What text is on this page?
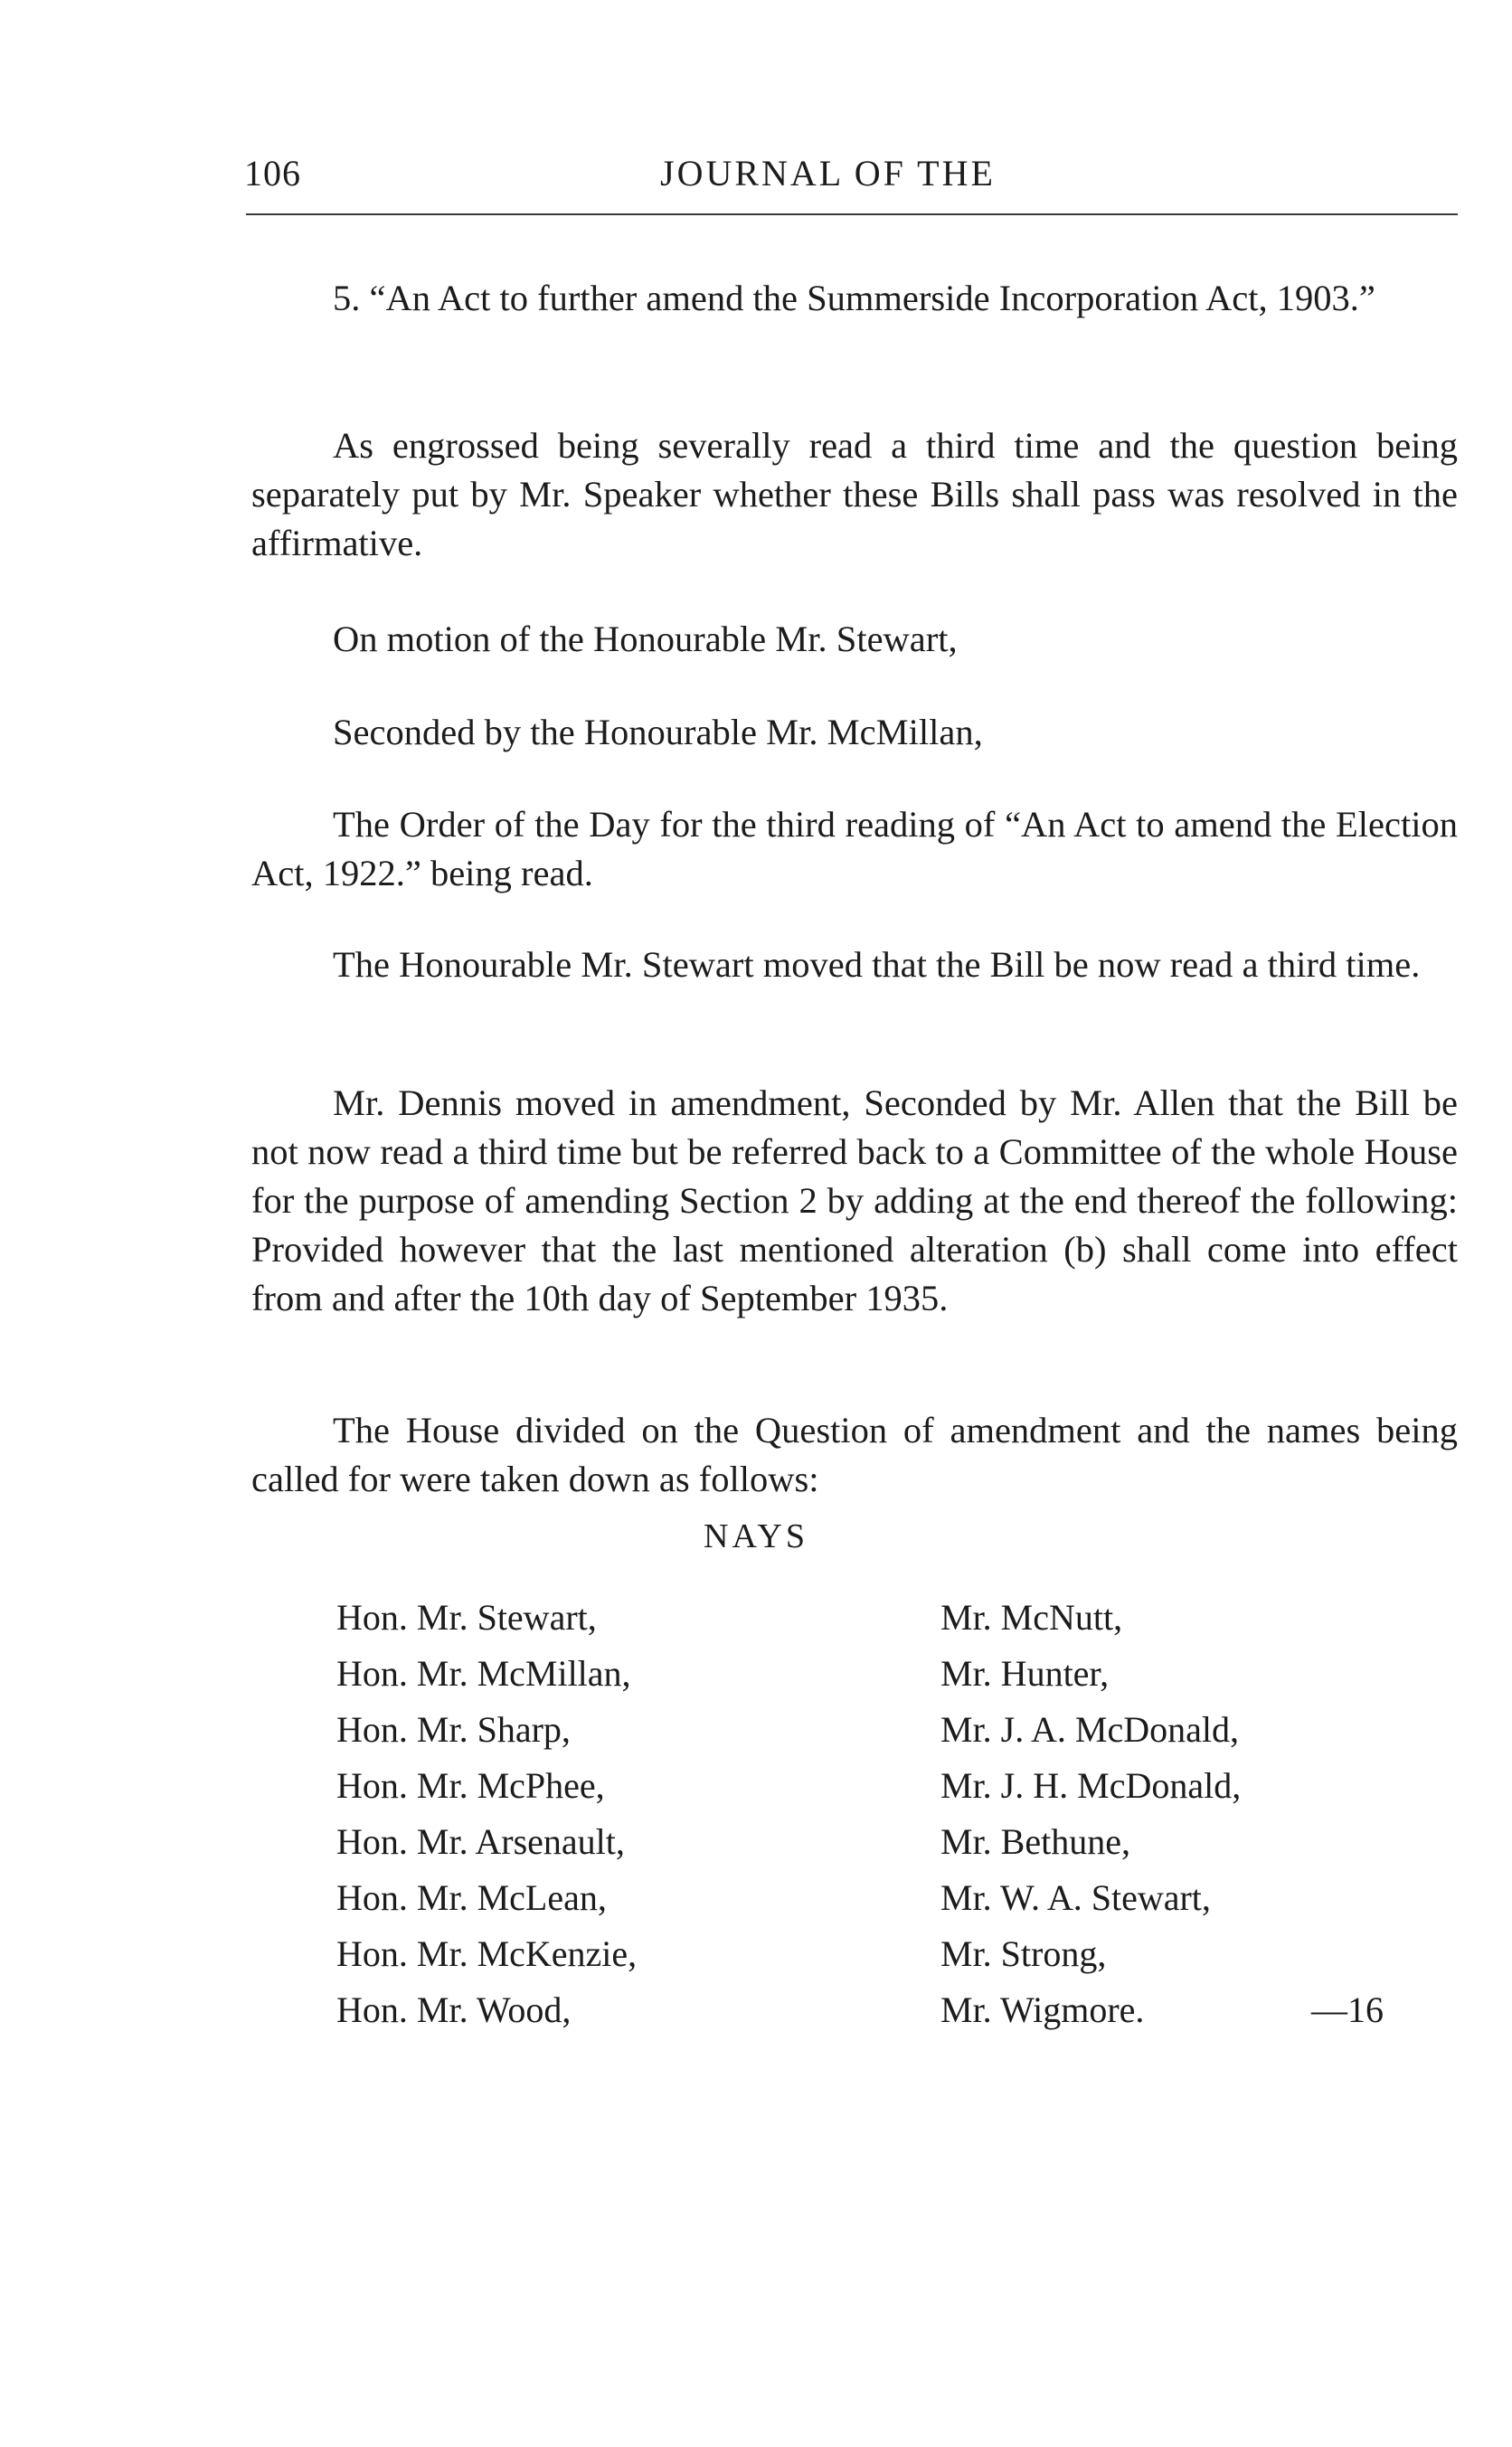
106	JOURNAL OF THE

5. “An Act to further amend the Summerside Incorporation Act, 1903.”

As engrossed being severally read a third time and the question being separately put by Mr. Speaker whether these Bills shall pass was resolved in the affirmative.

On motion of the Honourable Mr. Stewart,

Seconded by the Honourable Mr. McMillan,

The Order of the Day for the third reading of “An Act to amend the Election Act, 1922.” being read.

The Honourable Mr. Stewart moved that the Bill be now read a third time.

Mr. Dennis moved in amendment, Seconded by Mr. Allen that the Bill be not now read a third time but be referred back to a Committee of the whole House for the purpose of amending Section 2 by adding at the end thereof the following: Provided however that the last mentioned alteration (b) shall come into effect from and after the 10th day of September 1935.

The House divided on the Question of amendment and the names being called for were taken down as follows:

NAYS
Hon. Mr. Stewart,
Hon. Mr. McMillan,
Hon. Mr. Sharp,
Hon. Mr. McPhee,
Hon. Mr. Arsenault,
Hon. Mr. McLean,
Hon. Mr. McKenzie,
Hon. Mr. Wood,
Mr. McNutt,
Mr. Hunter,
Mr. J. A. McDonald,
Mr. J. H. McDonald,
Mr. Bethune,
Mr. W. A. Stewart,
Mr. Strong,
Mr. Wigmore.	—16
